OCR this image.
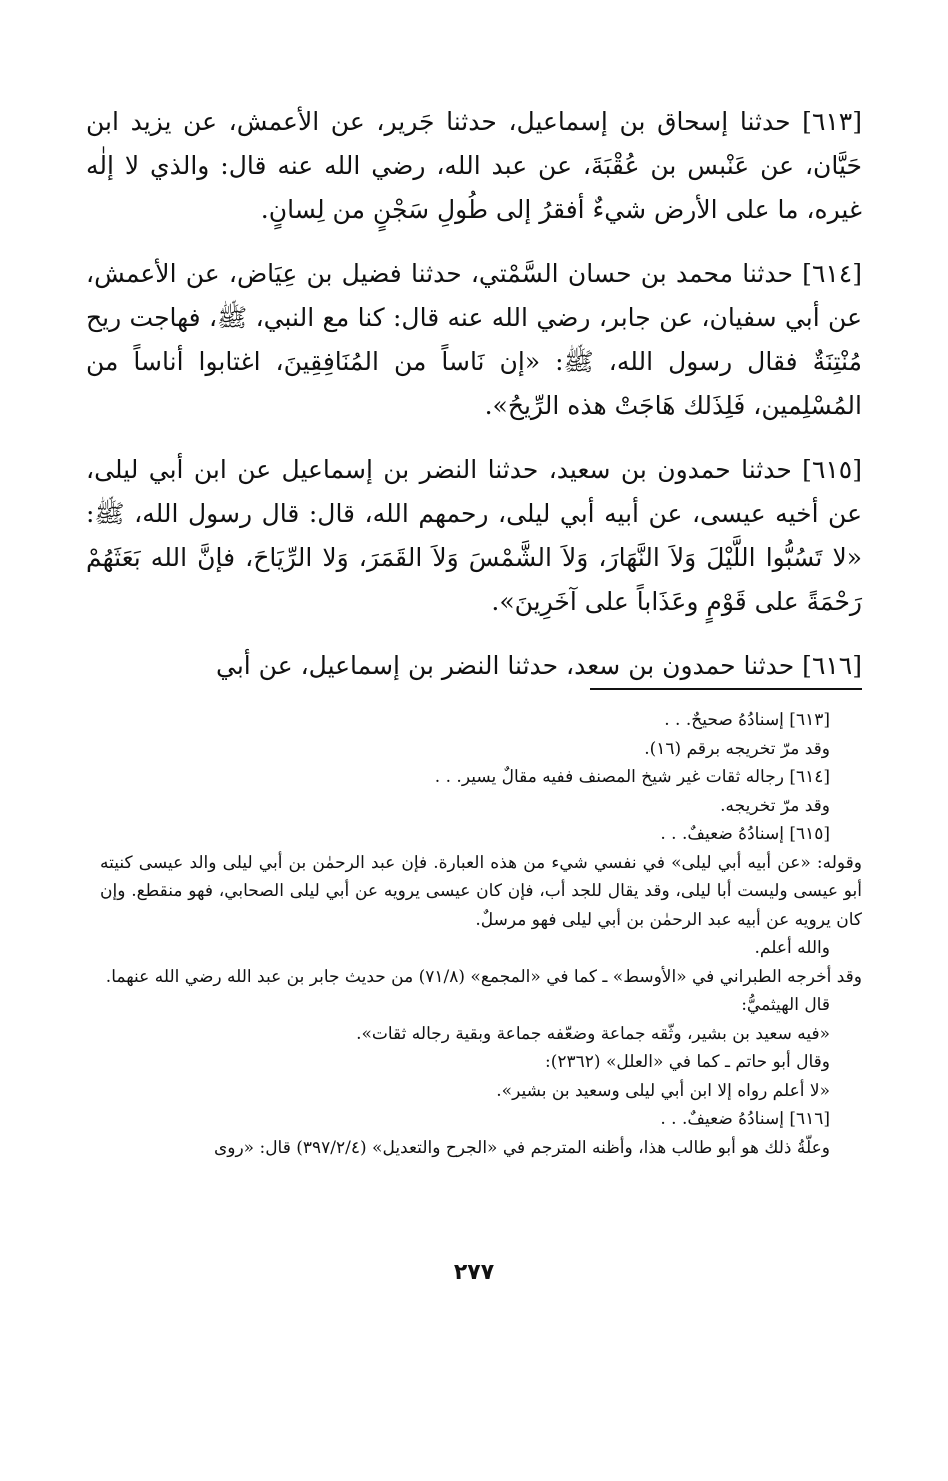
[٦١٣] حدثنا إسحاق بن إسماعيل، حدثنا جَرير، عن الأعمش، عن يزيد ابن حَيَّان، عن عَنْبس بن عُقْبَةَ، عن عبد الله، رضي الله عنه قال: والذي لا إلٰه غيره، ما على الأرض شيءٌ أفقرُ إلى طُولِ سَجْنٍ من لِسانٍ.

[٦١٤] حدثنا محمد بن حسان السَّمْتي، حدثنا فضيل بن عِيَاض، عن الأعمش، عن أبي سفيان، عن جابر، رضي الله عنه قال: كنا مع النبي، ﷺ، فهاجت ريح مُنْتِنَةٌ فقال رسول الله، ﷺ: «إن نَاساً من المُنَافِقِينَ، اغتابوا أناساً من المُسْلِمين، فَلِذَلك هَاجَتْ هذه الرِّيحُ».

[٦١٥] حدثنا حمدون بن سعيد، حدثنا النضر بن إسماعيل عن ابن أبي ليلى، عن أخيه عيسى، عن أبيه أبي ليلى، رحمهم الله، قال: قال رسول الله، ﷺ: «لا تَسُبُّوا اللَّيْلَ وَلاَ النَّهَارَ، وَلاَ الشَّمْسَ وَلاَ القَمَرَ، وَلا الرِّيَاحَ، فإنَّ الله بَعَثَهُمْ رَحْمَةً على قَوْمٍ وعَذَاباً على آخَرِينَ».

[٦١٦] حدثنا حمدون بن سعد، حدثنا النضر بن إسماعيل، عن أبي

[٦١٣] إسنادُهُ صحيحٌ. . .

وقد مرّ تخريجه برقم (١٦).

[٦١٤] رجاله ثقات غير شيخ المصنف ففيه مقالٌ يسير. . .

وقد مرّ تخريجه.

[٦١٥] إسنادُهُ ضعيفٌ. . .

وقوله: «عن أبيه أبي ليلى» في نفسي شيء من هذه العبارة. فإن عبد الرحمٰن بن أبي ليلى والد عيسى كنيته أبو عيسى وليست أبا ليلى، وقد يقال للجد أب، فإن كان عيسى يرويه عن أبي ليلى الصحابي، فهو منقطع. وإن كان يرويه عن أبيه عبد الرحمٰن بن أبي ليلى فهو مرسلٌ.

والله أعلم.

وقد أخرجه الطبراني في «الأوسط» ـ كما في «المجمع» (٧١/٨) من حديث جابر بن عبد الله رضي الله عنهما.

قال الهيثميُّ:

«فيه سعيد بن بشير، وثّقه جماعة وضعّفه جماعة وبقية رجاله ثقات».

وقال أبو حاتم ـ كما في «العلل» (٢٣٦٢):

«لا أعلم رواه إلا ابن أبي ليلى وسعيد بن بشير».

[٦١٦] إسنادُهُ ضعيفٌ. . .

وعلّةُ ذلك هو أبو طالب هذا، وأظنه المترجم في «الجرح والتعديل» (٣٩٧/٢/٤) قال: «روى

٢٧٧
